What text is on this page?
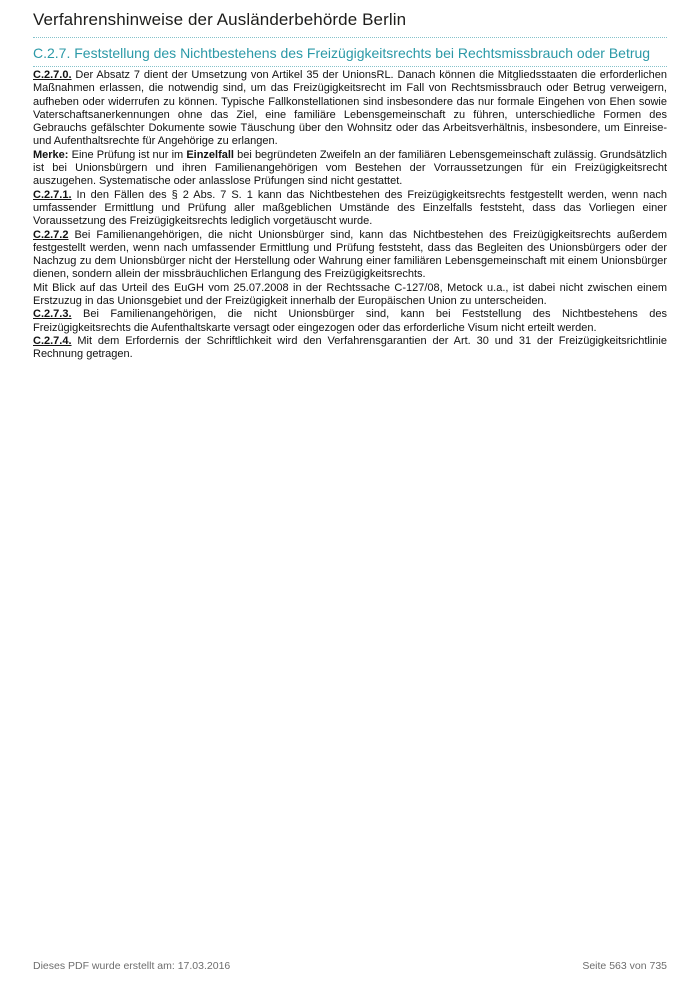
Verfahrenshinweise der Ausländerbehörde Berlin
C.2.7. Feststellung des Nichtbestehens des Freizügigkeitsrechts bei Rechtsmissbrauch oder Betrug

C.2.7.0. Der Absatz 7 dient der Umsetzung von Artikel 35 der UnionsRL. Danach können die Mitgliedsstaaten die erforderlichen Maßnahmen erlassen, die notwendig sind, um das Freizügigkeitsrecht im Fall von Rechtsmissbrauch oder Betrug verweigern, aufheben oder widerrufen zu können. Typische Fallkonstellationen sind insbesondere das nur formale Eingehen von Ehen sowie Vaterschaftsanerkennungen ohne das Ziel, eine familiäre Lebensgemeinschaft zu führen, unterschiedliche Formen des Gebrauchs gefälschter Dokumente sowie Täuschung über den Wohnsitz oder das Arbeitsverhältnis, insbesondere, um Einreise- und Aufenthaltsrechte für Angehörige zu erlangen.

Merke: Eine Prüfung ist nur im Einzelfall bei begründeten Zweifeln an der familiären Lebensgemeinschaft zulässig. Grundsätzlich ist bei Unionsbürgern und ihren Familienangehörigen vom Bestehen der Vorraussetzungen für ein Freizügigkeitsrecht auszugehen. Systematische oder anlasslose Prüfungen sind nicht gestattet.

C.2.7.1. In den Fällen des § 2 Abs. 7 S. 1 kann das Nichtbestehen des Freizügigkeitsrechts festgestellt werden, wenn nach umfassender Ermittlung und Prüfung aller maßgeblichen Umstände des Einzelfalls feststeht, dass das Vorliegen einer Voraussetzung des Freizügigkeitsrechts lediglich vorgetäuscht wurde.

C.2.7.2 Bei Familienangehörigen, die nicht Unionsbürger sind, kann das Nichtbestehen des Freizügigkeitsrechts außerdem festgestellt werden, wenn nach umfassender Ermittlung und Prüfung feststeht, dass das Begleiten des Unionsbürgers oder der Nachzug zu dem Unionsbürger nicht der Herstellung oder Wahrung einer familiären Lebensgemeinschaft mit einem Unionsbürger dienen, sondern allein der missbräuchlichen Erlangung des Freizügigkeitsrechts.

Mit Blick auf das Urteil des EuGH vom 25.07.2008 in der Rechtssache C-127/08, Metock u.a., ist dabei nicht zwischen einem Erstzuzug in das Unionsgebiet und der Freizügigkeit innerhalb der Europäischen Union zu unterscheiden.

C.2.7.3. Bei Familienangehörigen, die nicht Unionsbürger sind, kann bei Feststellung des Nichtbestehens des Freizügigkeitsrechts die Aufenthaltskarte versagt oder eingezogen oder das erforderliche Visum nicht erteilt werden.

C.2.7.4. Mit dem Erfordernis der Schriftlichkeit wird den Verfahrensgarantien der Art. 30 und 31 der Freizügigkeitsrichtlinie Rechnung getragen.

Dieses PDF wurde erstellt am: 17.03.2016	Seite 563 von 735
